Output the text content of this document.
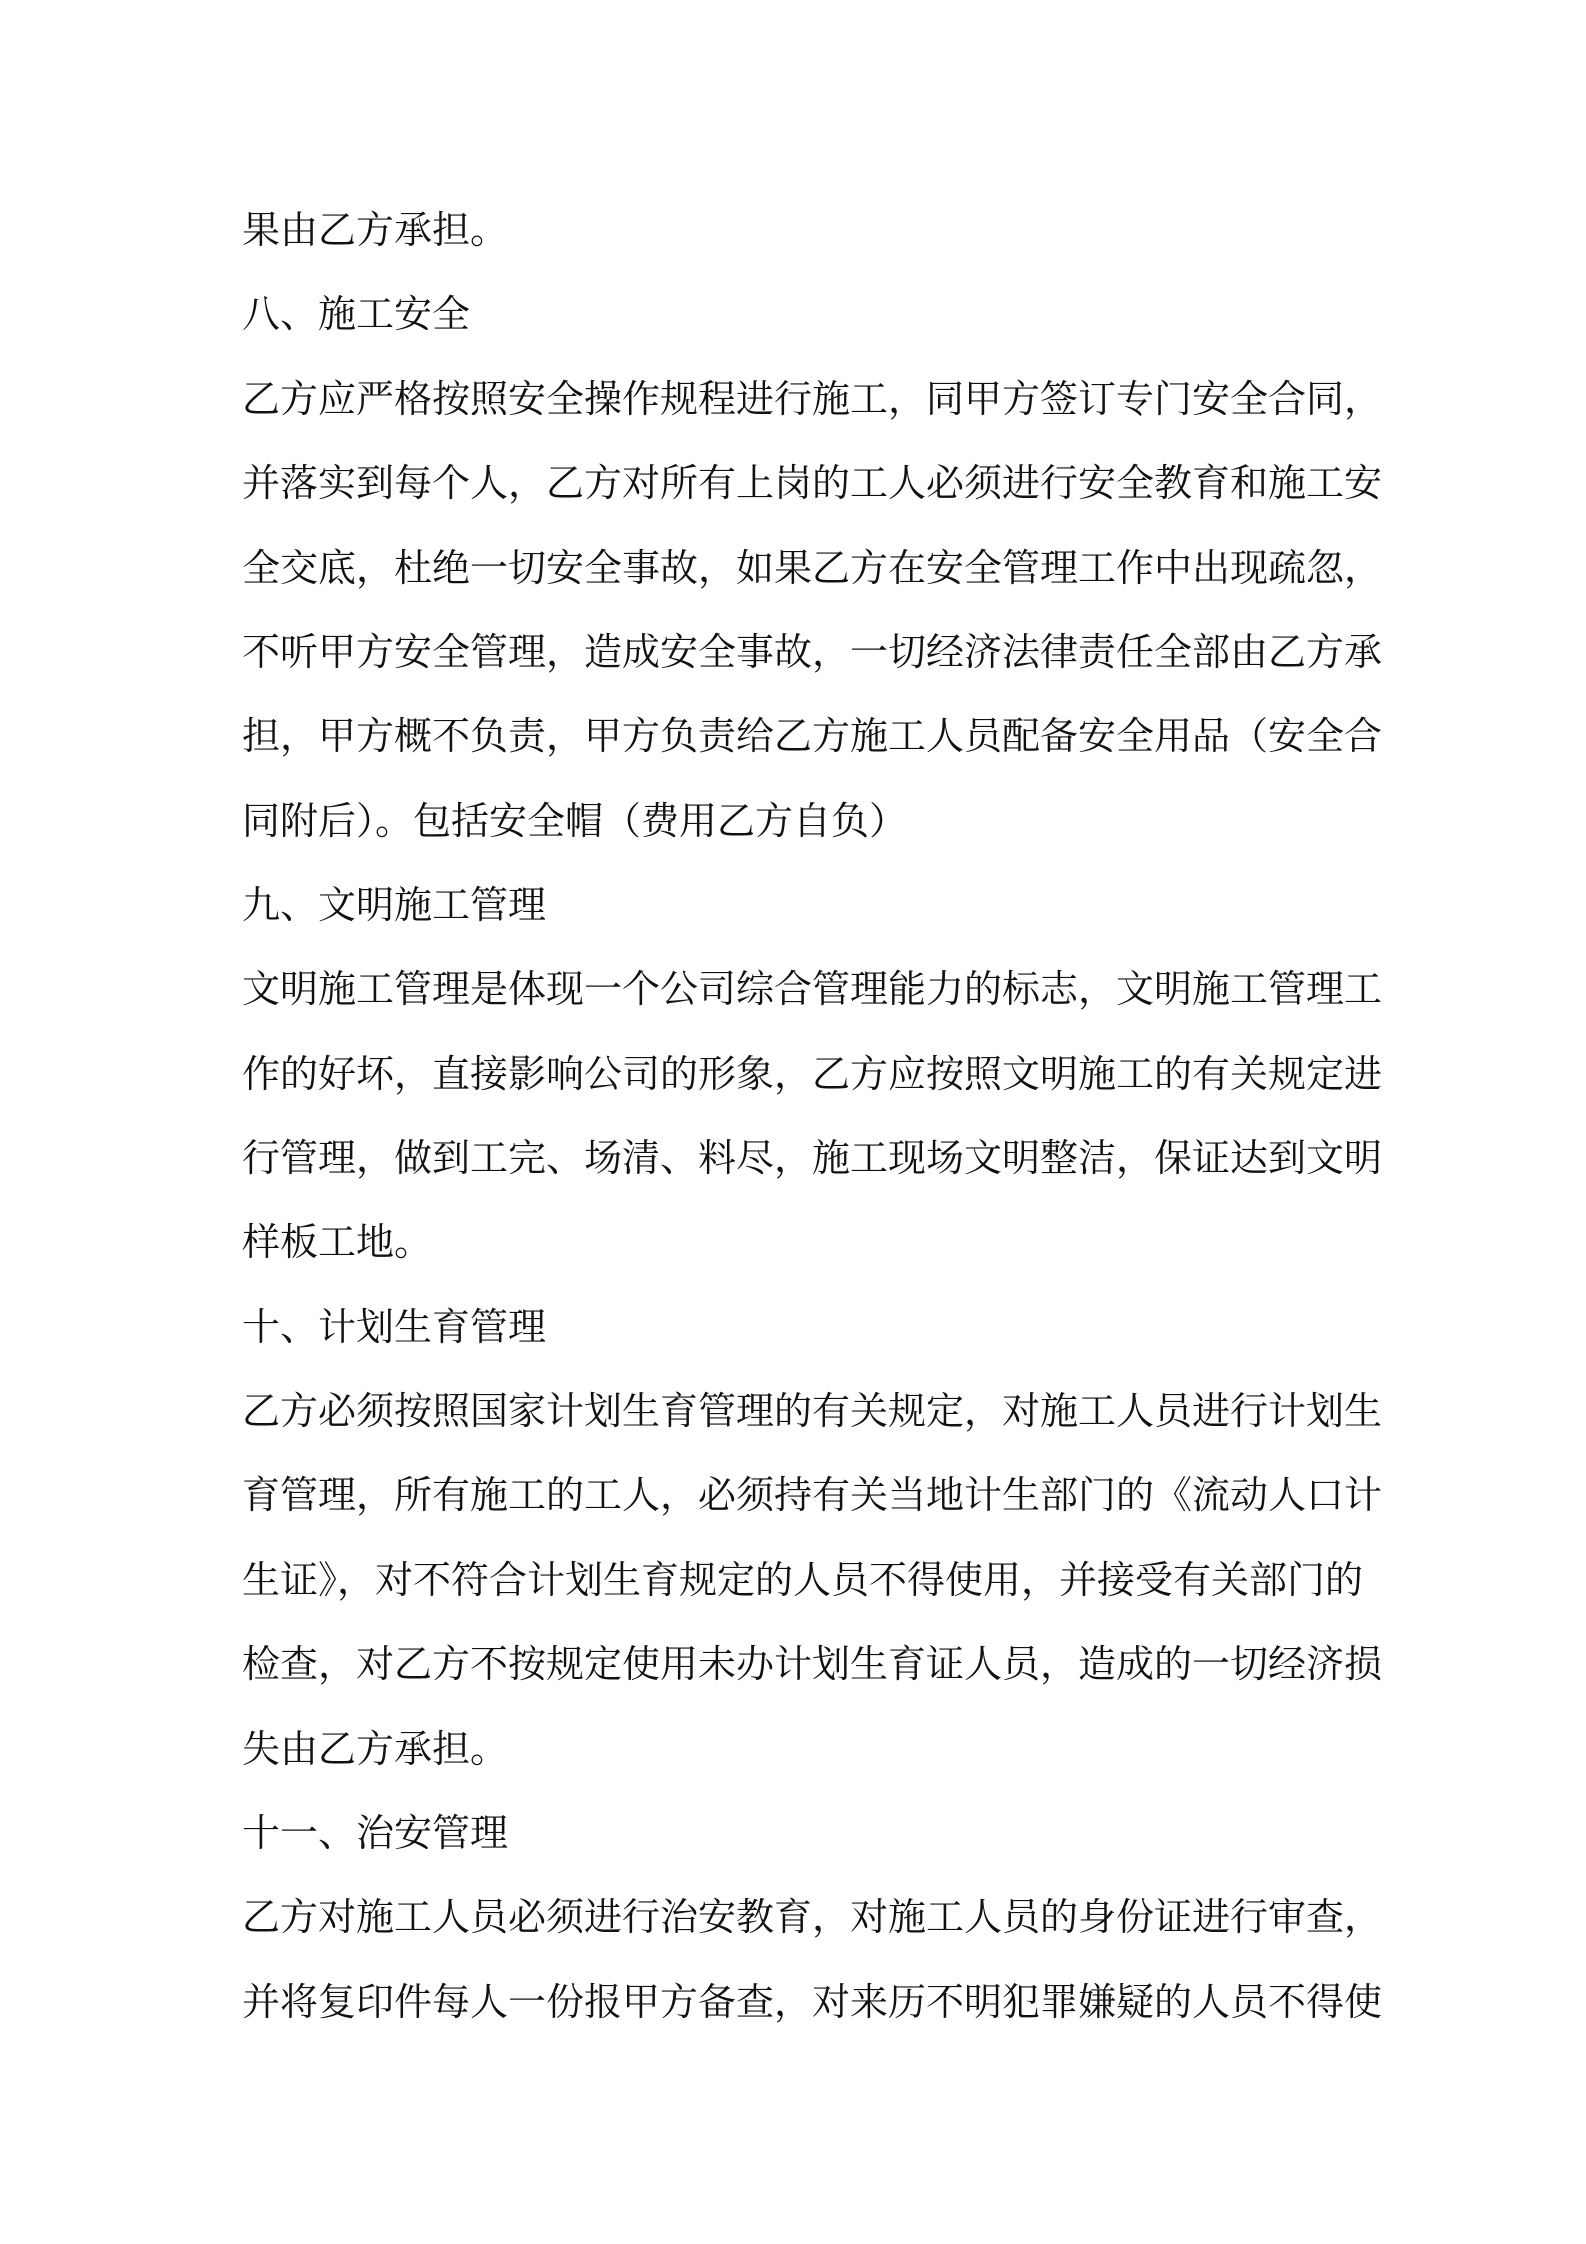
果由乙方承担。
八、施工安全
乙方应严格按照安全操作规程进行施工，同甲方签订专门安全合同，
并落实到每个人，乙方对所有上岗的工人必须进行安全教育和施工安
全交底，杜绝一切安全事故，如果乙方在安全管理工作中出现疏忽，
不听甲方安全管理，造成安全事故，一切经济法律责任全部由乙方承
担，甲方概不负责，甲方负责给乙方施工人员配备安全用品（安全合
同附后）。包括安全帽（费用乙方自负）
九、文明施工管理
文明施工管理是体现一个公司综合管理能力的标志，文明施工管理工
作的好坏，直接影响公司的形象，乙方应按照文明施工的有关规定进
行管理，做到工完、场清、料尽，施工现场文明整洁，保证达到文明
样板工地。
十、计划生育管理
乙方必须按照国家计划生育管理的有关规定，对施工人员进行计划生
育管理，所有施工的工人，必须持有关当地计生部门的《流动人口计
生证》，对不符合计划生育规定的人员不得使用，并接受有关部门的
检查，对乙方不按规定使用未办计划生育证人员，造成的一切经济损
失由乙方承担。
十一、治安管理
乙方对施工人员必须进行治安教育，对施工人员的身份证进行审查，
并将复印件每人一份报甲方备查，对来历不明犯罪嫌疑的人员不得使
